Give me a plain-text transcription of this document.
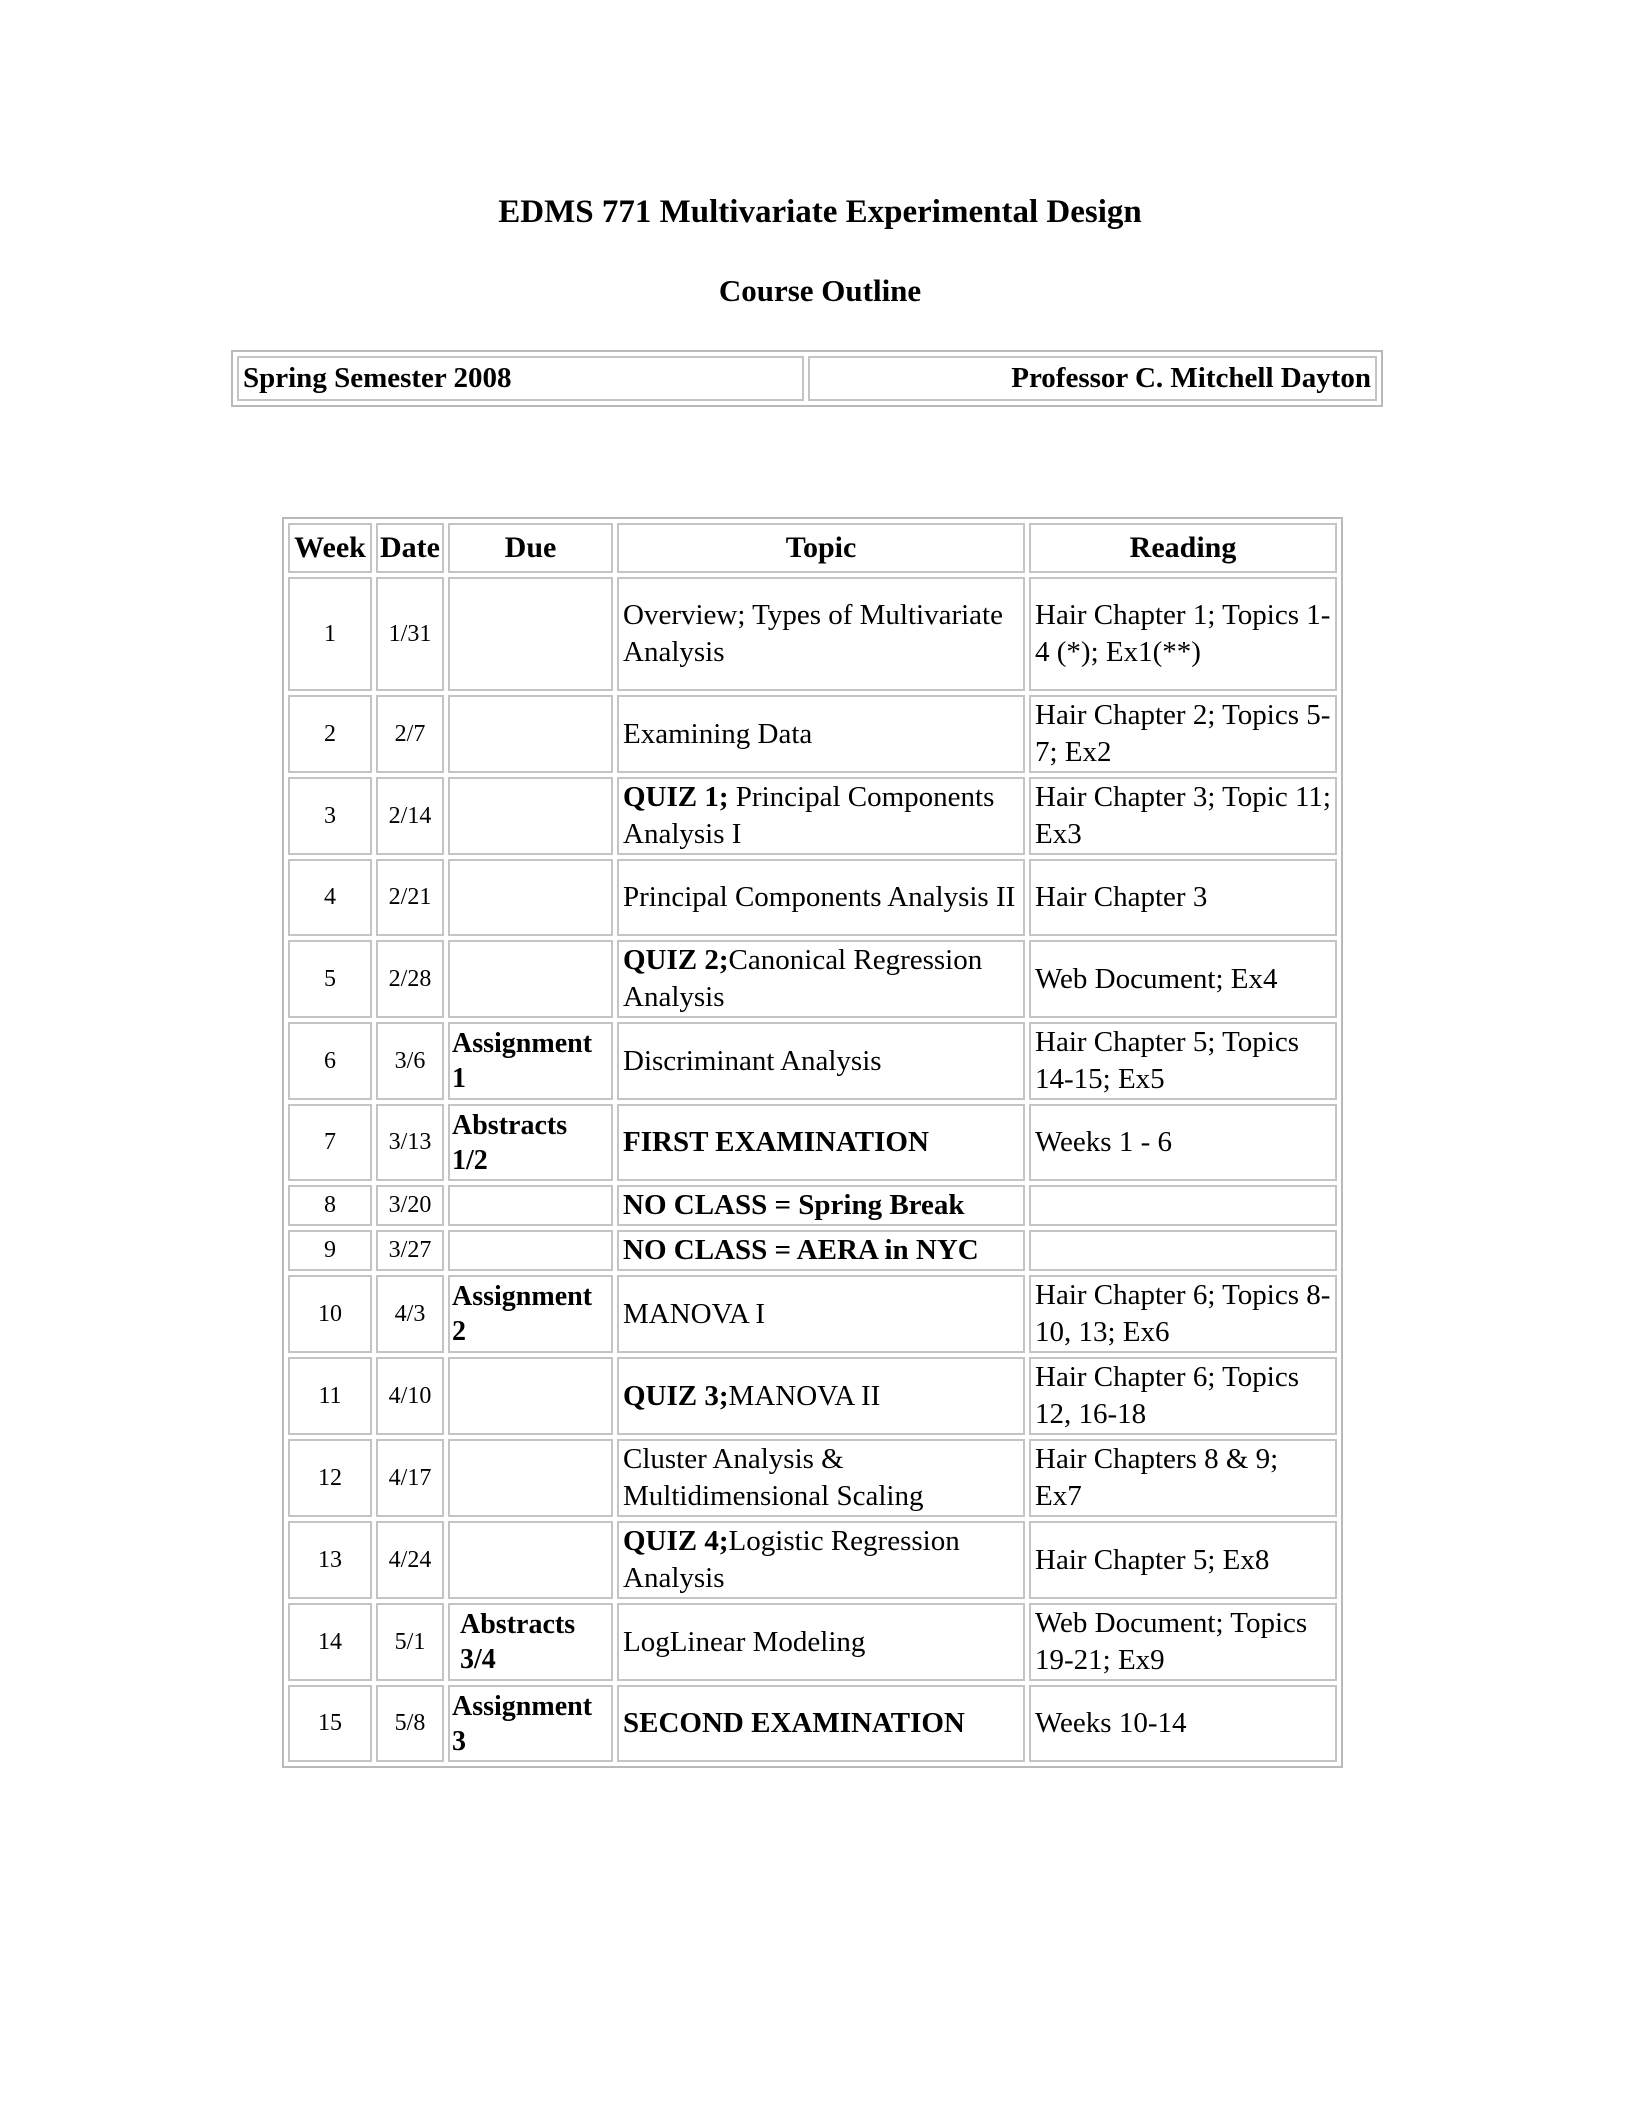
EDMS 771 Multivariate Experimental Design
Course Outline
Spring Semester 2008	Professor C. Mitchell Dayton
Week	Date	Due	Topic	Reading
1	1/31		Overview; Types of Multivariate Analysis	Hair Chapter 1; Topics 1-4 (*); Ex1(**)
2	2/7		Examining Data	Hair Chapter 2; Topics 5-7; Ex2
3	2/14		QUIZ 1; Principal Components Analysis I	Hair Chapter 3; Topic 11; Ex3
4	2/21		Principal Components Analysis II	Hair Chapter 3
5	2/28		QUIZ 2;Canonical Regression Analysis	Web Document; Ex4
6	3/6	Assignment 1	Discriminant Analysis	Hair Chapter 5; Topics 14-15; Ex5
7	3/13	Abstracts 1/2	FIRST EXAMINATION	Weeks 1 - 6
8	3/20		NO CLASS = Spring Break	
9	3/27		NO CLASS = AERA in NYC	
10	4/3	Assignment 2	MANOVA I	Hair Chapter 6; Topics 8-10, 13; Ex6
11	4/10		QUIZ 3;MANOVA II	Hair Chapter 6; Topics 12, 16-18
12	4/17		Cluster Analysis & Multidimensional Scaling	Hair Chapters 8 & 9; Ex7
13	4/24		QUIZ 4;Logistic Regression Analysis	Hair Chapter 5; Ex8
14	5/1	Abstracts 3/4	LogLinear Modeling	Web Document; Topics 19-21; Ex9
15	5/8	Assignment 3	SECOND EXAMINATION	Weeks 10-14
